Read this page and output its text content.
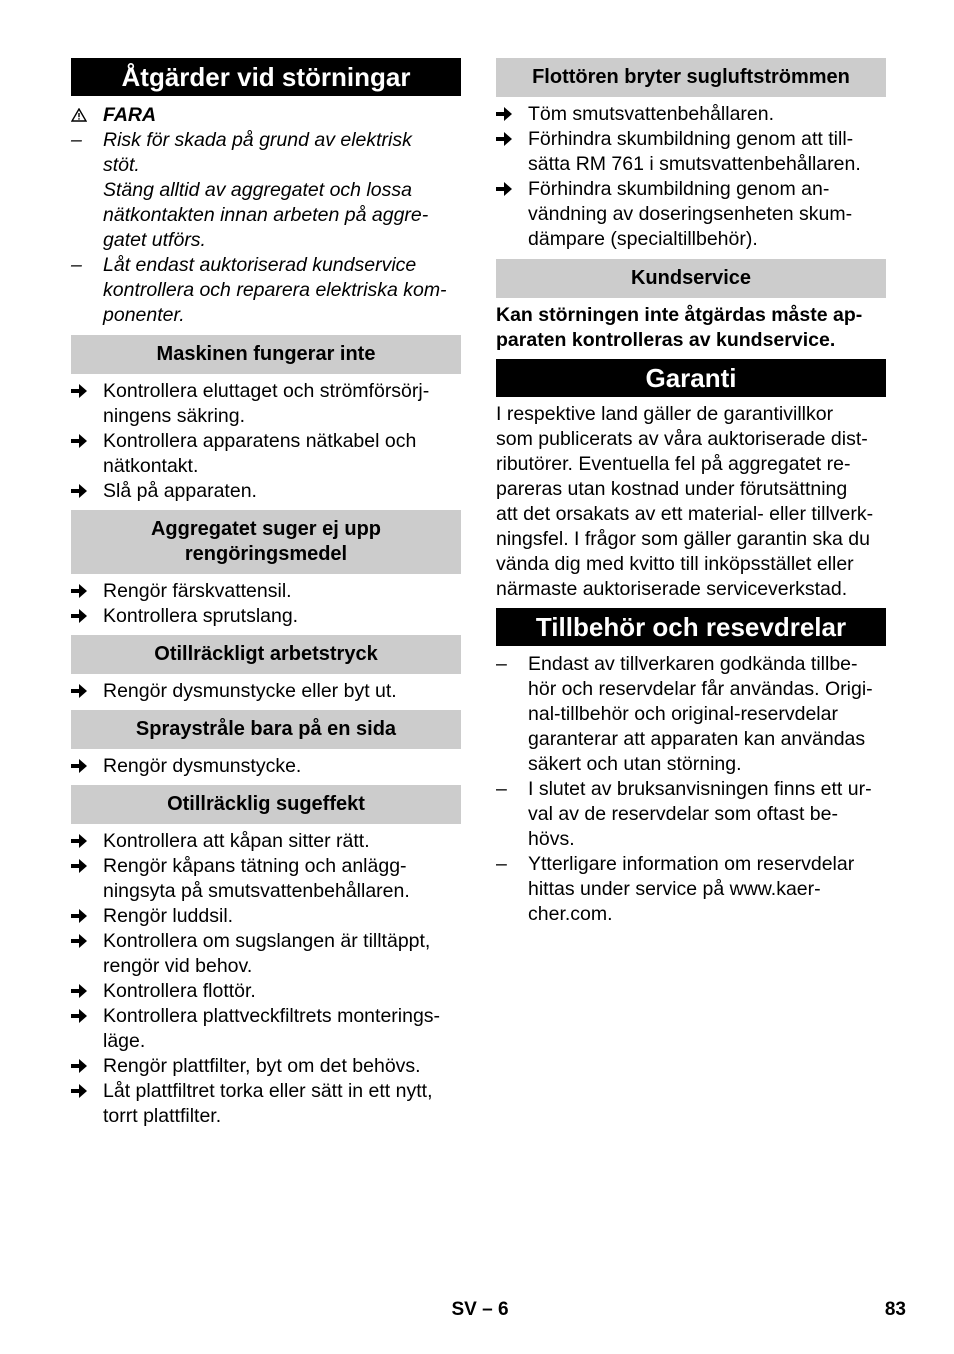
Åtgärder vid störningar
FARA
–	Risk för skada på grund av elektrisk
stöt.
Stäng alltid av aggregatet och lossa
nätkontakten innan arbeten på aggre-
gatet utförs.
–	Låt endast auktoriserad kundservice
kontrollera och reparera elektriska kom-
ponenter.
Maskinen fungerar inte
Kontrollera eluttaget och strömförsörj-
ningens säkring.
Kontrollera apparatens nätkabel och
nätkontakt.
Slå på apparaten.
Aggregatet suger ej upp
rengöringsmedel
Rengör färskvattensil.
Kontrollera sprutslang.
Otillräckligt arbetstryck
Rengör dysmunstycke eller byt ut.
Spraystråle bara på en sida
Rengör dysmunstycke.
Otillräcklig sugeffekt
Kontrollera att kåpan sitter rätt.
Rengör kåpans tätning och anlägg-
ningsyta på smutsvattenbehållaren.
Rengör luddsil.
Kontrollera om sugslangen är tilltäppt,
rengör vid behov.
Kontrollera flottör.
Kontrollera plattveckfiltrets monterings-
läge.
Rengör plattfilter, byt om det behövs.
Låt plattfiltret torka eller sätt in ett nytt,
torrt plattfilter.
Flottören bryter sugluftströmmen
Töm smutsvattenbehållaren.
Förhindra skumbildning genom att till-
sätta RM 761 i smutsvattenbehållaren.
Förhindra skumbildning genom an-
vändning av doseringsenheten skum-
dämpare (specialtillbehör).
Kundservice
Kan störningen inte åtgärdas måste ap-
paraten kontrolleras av kundservice.
Garanti
I respektive land gäller de garantivillkor
som publicerats av våra auktoriserade dist-
ributörer. Eventuella fel på aggregatet re-
pareras utan kostnad under förutsättning
att det orsakats av ett material- eller tillverk-
ningsfel. I frågor som gäller garantin ska du
vända dig med kvitto till inköpsstället eller
närmaste auktoriserade serviceverkstad.
Tillbehör och resevdrelar
–	Endast av tillverkaren godkända tillbe-
hör och reservdelar får användas. Origi-
nal-tillbehör och original-reservdelar
garanterar att apparaten kan användas
säkert och utan störning.
–	I slutet av bruksanvisningen finns ett ur-
val av de reservdelar som oftast be-
hövs.
–	Ytterligare information om reservdelar
hittas under service på www.kaer-
cher.com.
SV – 6	83
